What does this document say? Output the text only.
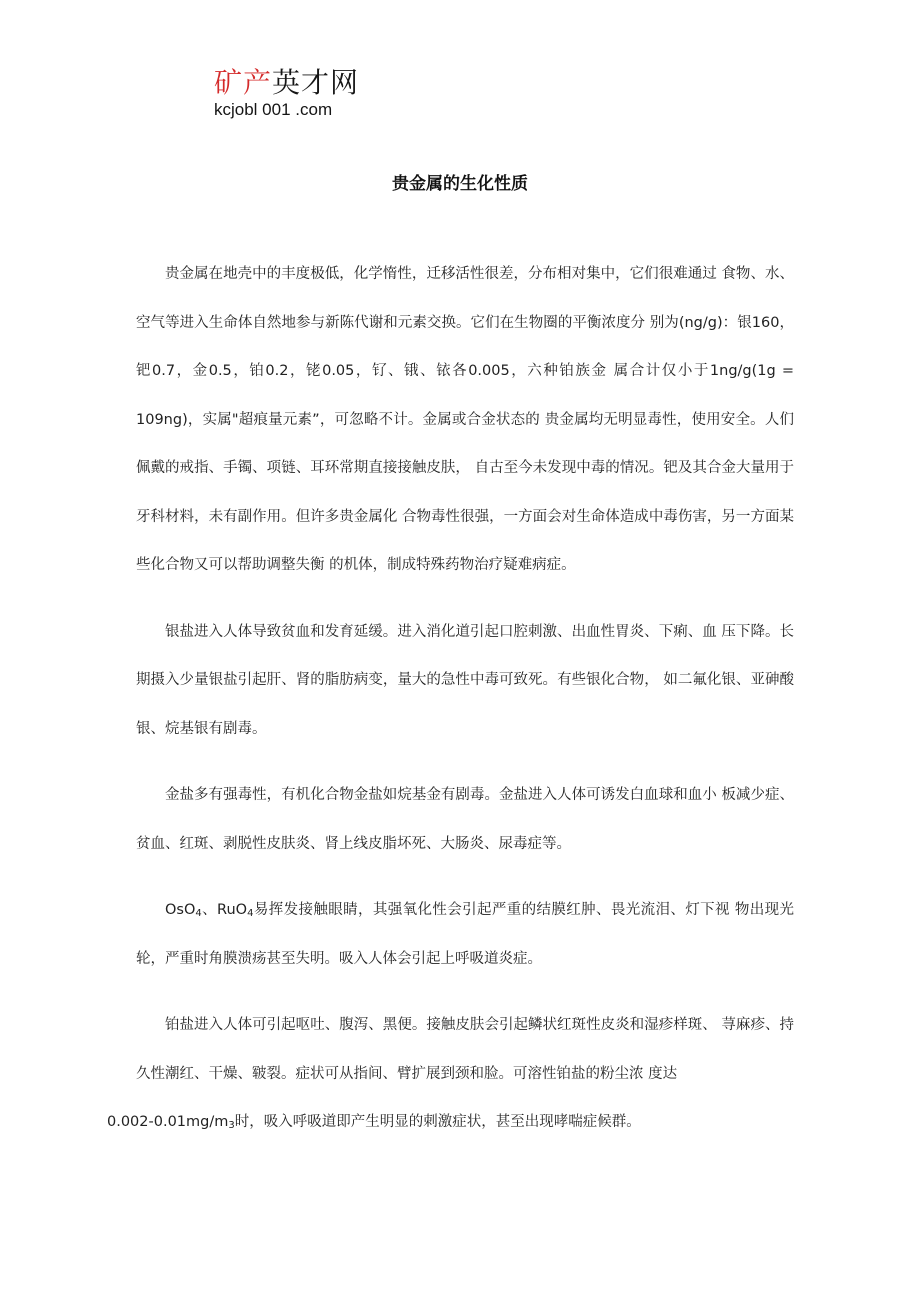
矿产英才网
kcjobl 001 .com
贵金属的生化性质

贵金属在地壳中的丰度极低，化学惰性，迁移活性很差，分布相对集中，它们很难通过 食物、水、空气等进入生命体自然地参与新陈代谢和元素交换。它们在生物圈的平衡浓度分 别为(ng/g)：银160， 钯0.7，金0.5，铂0.2，铑0.05，钌、锇、铱各0.005，六种铂族金 属合计仅小于1ng/g(1g = 109ng)，实属"超痕量元素”，可忽略不计。金属或合金状态的 贵金属均无明显毒性，使用安全。人们佩戴的戒指、手镯、项链、耳环常期直接接触皮肤， 自古至今未发现中毒的情况。钯及其合金大量用于牙科材料，未有副作用。但许多贵金属化 合物毒性很强，一方面会对生命体造成中毒伤害，另一方面某些化合物又可以帮助调整失衡 的机体，制成特殊药物治疗疑难病症。

银盐进入人体导致贫血和发育延缓。进入消化道引起口腔刺激、出血性胃炎、下痢、血 压下降。长期摄入少量银盐引起肝、肾的脂肪病变，量大的急性中毒可致死。有些银化合物， 如二氟化银、亚砷酸银、烷基银有剧毒。

金盐多有强毒性，有机化合物金盐如烷基金有剧毒。金盐进入人体可诱发白血球和血小 板减少症、贫血、红斑、剥脱性皮肤炎、肾上线皮脂坏死、大肠炎、尿毒症等。

OsO$_4$、RuO$_4$易挥发接触眼睛，其强氧化性会引起严重的结膜红肿、畏光流泪、灯下视 物出现光轮，严重时角膜溃疡甚至失明。吸入人体会引起上呼吸道炎症。

铂盐进入人体可引起呕吐、腹泻、黑便。接触皮肤会引起鳞状红斑性皮炎和湿疹样斑、 荨麻疹、持久性潮红、干燥、皲裂。症状可从指间、臂扩展到颈和脸。可溶性铂盐的粉尘浓 度达
$0.002-0.01mg/m_3$时，吸入呼吸道即产生明显的刺激症状，甚至出现哮喘症候群。
